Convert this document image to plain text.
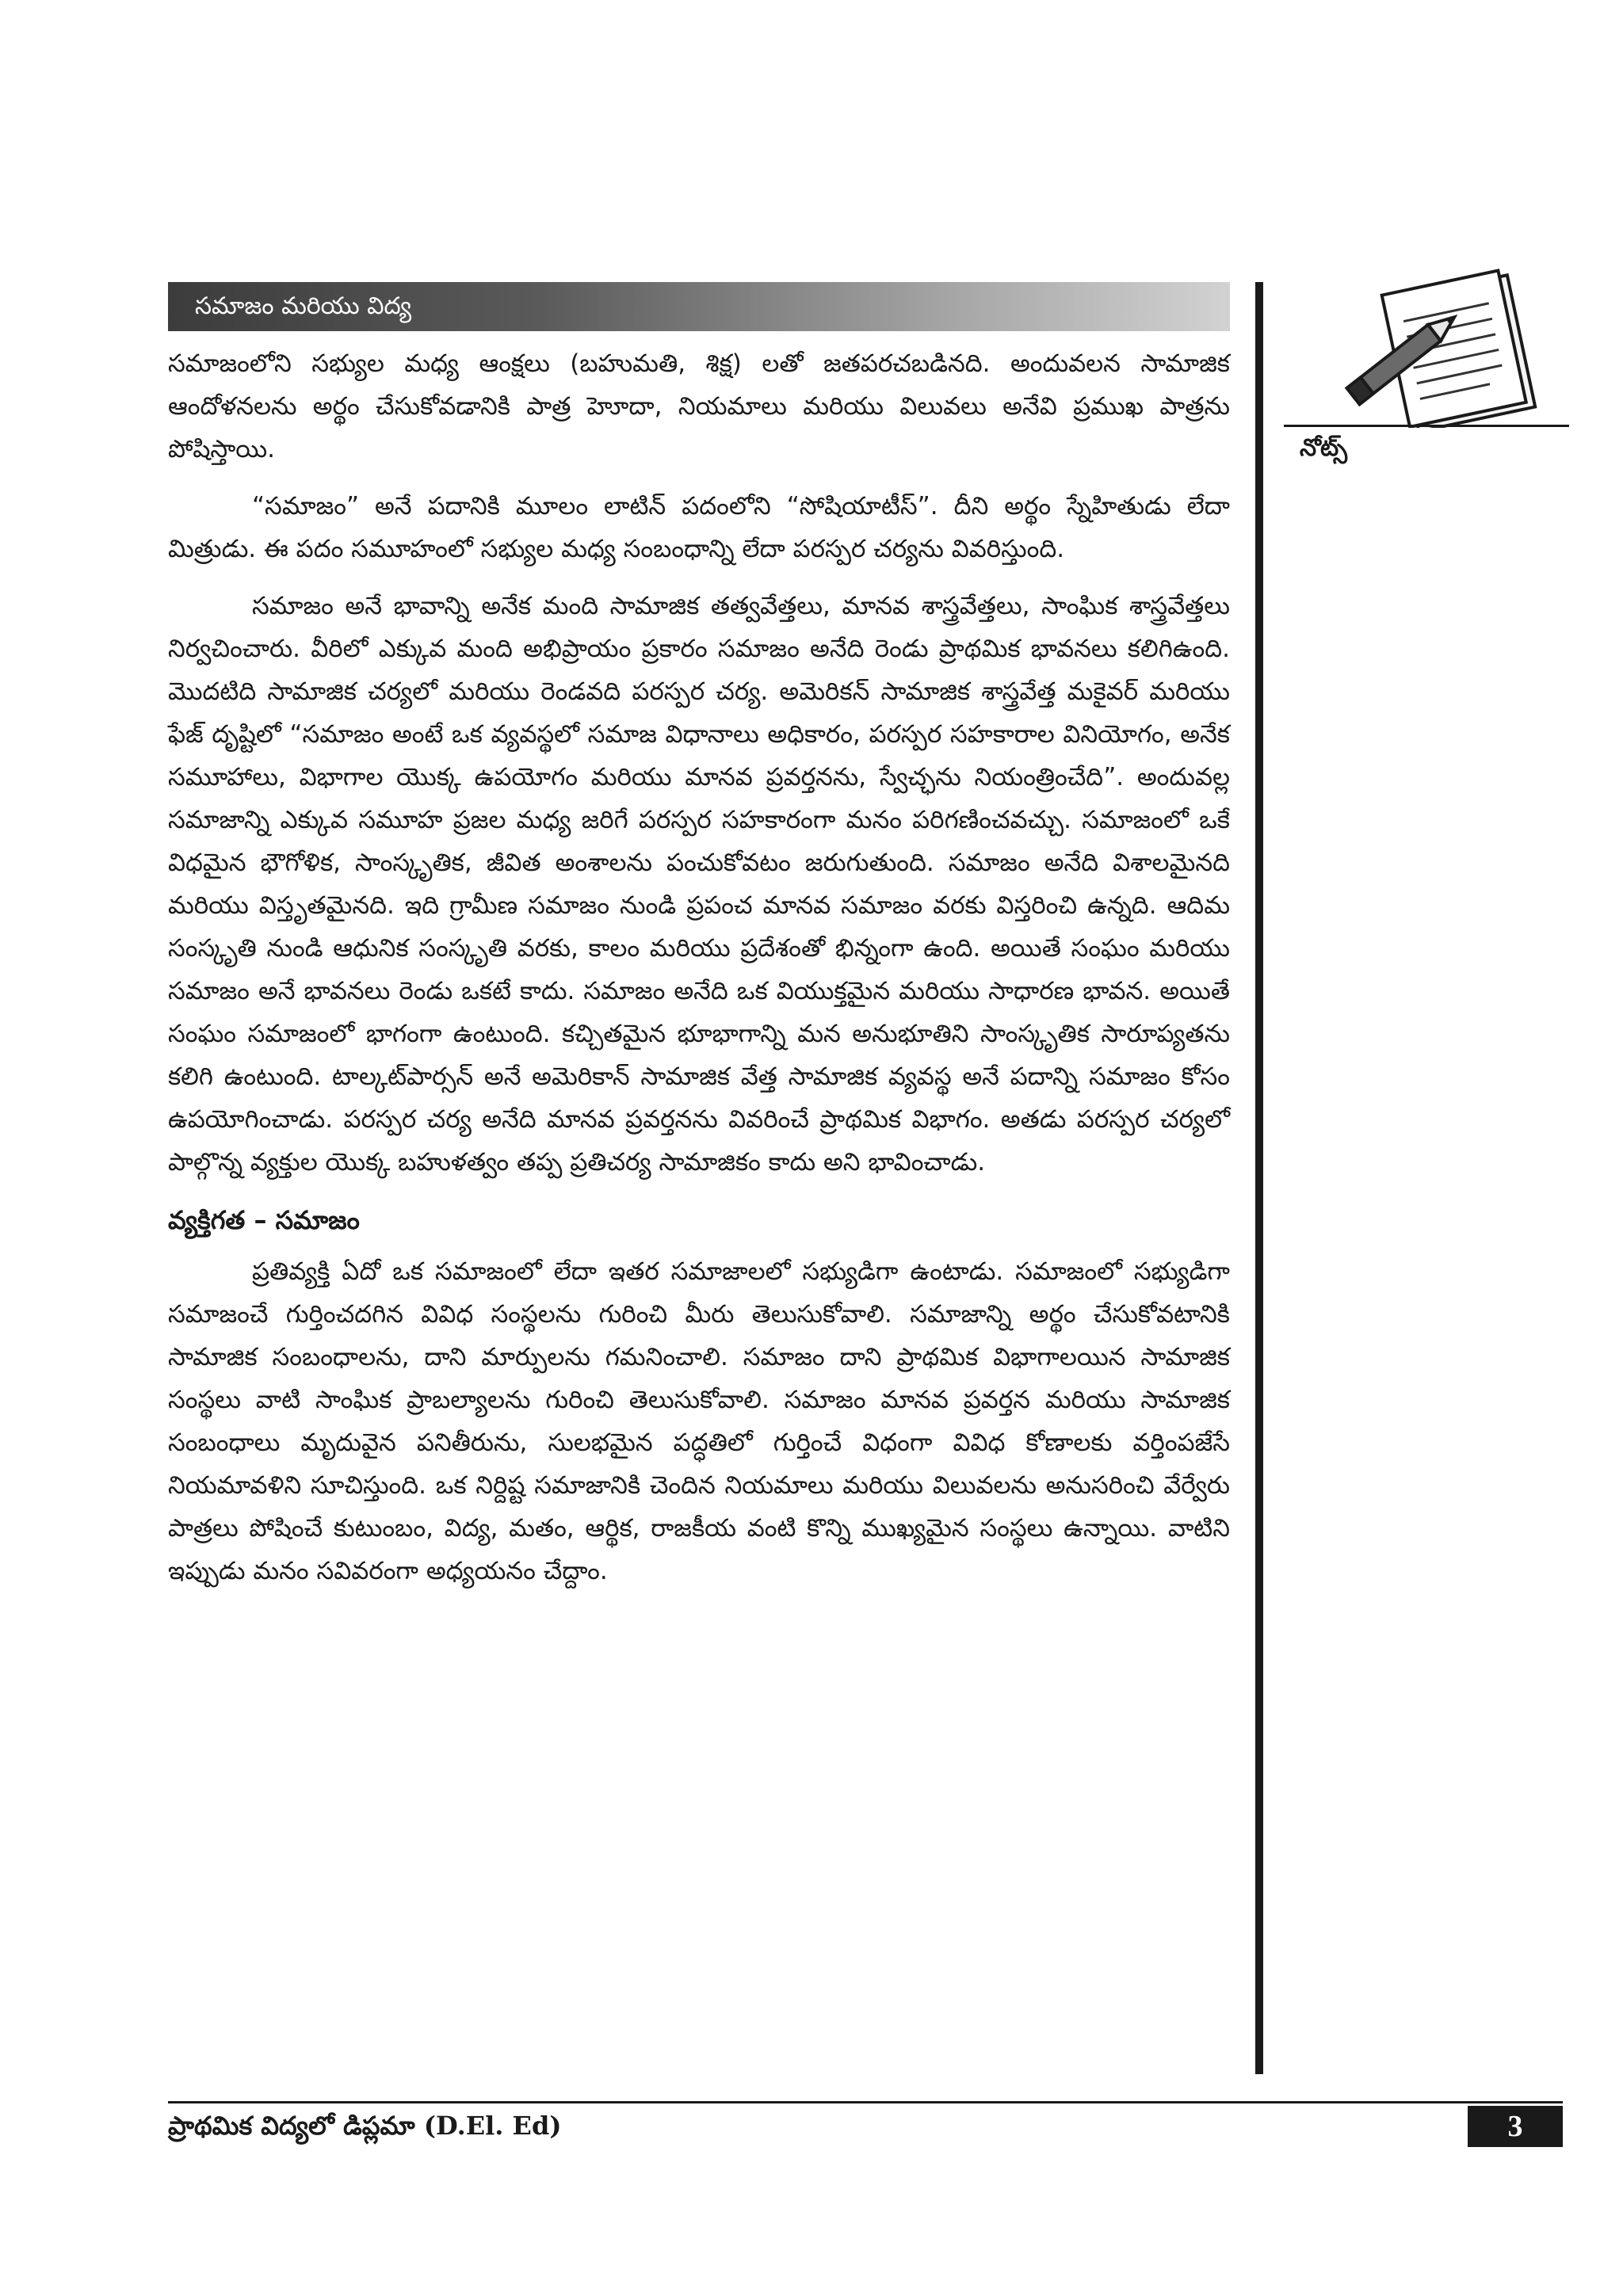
సమాజం మరియు విద్య
నోట్స్

సమాజంలోని సభ్యుల మధ్య ఆంక్షలు (బహుమతి, శిక్ష) లతో జతపరచబడినది. అందువలన సామాజిక ఆందోళనలను అర్థం చేసుకోవడానికి పాత్ర హెూదా, నియమాలు మరియు విలువలు అనేవి ప్రముఖ పాత్రను పోషిస్తాయి.

“సమాజం” అనే పదానికి మూలం లాటిన్ పదంలోని “సోషియాటీస్”. దీని అర్థం స్నేహితుడు లేదా మిత్రుడు. ఈ పదం సమూహంలో సభ్యుల మధ్య సంబంధాన్ని లేదా పరస్పర చర్యను వివరిస్తుంది.

సమాజం అనే భావాన్ని అనేక మంది సామాజిక తత్వవేత్తలు, మానవ శాస్త్రవేత్తలు, సాంఘిక శాస్త్రవేత్తలు నిర్వచించారు. వీరిలో ఎక్కువ మంది అభిప్రాయం ప్రకారం సమాజం అనేది రెండు ప్రాథమిక భావనలు కలిగిఉంది. మొదటిది సామాజిక చర్యలో మరియు రెండవది పరస్పర చర్య. అమెరికన్ సామాజిక శాస్త్రవేత్త మకైవర్ మరియు ఫేజ్ దృష్టిలో “సమాజం అంటే ఒక వ్యవస్థలో సమాజ విధానాలు అధికారం, పరస్పర సహకారాల వినియోగం, అనేక సమూహాలు, విభాగాల యొక్క ఉపయోగం మరియు మానవ ప్రవర్తనను, స్వేచ్ఛను నియంత్రించేది”. అందువల్ల సమాజాన్ని ఎక్కువ సమూహ ప్రజల మధ్య జరిగే పరస్పర సహకారంగా మనం పరిగణించవచ్చు. సమాజంలో ఒకే విధమైన భౌగోళిక, సాంస్కృతిక, జీవిత అంశాలను పంచుకోవటం జరుగుతుంది. సమాజం అనేది విశాలమైనది మరియు విస్తృతమైనది. ఇది గ్రామీణ సమాజం నుండి ప్రపంచ మానవ సమాజం వరకు విస్తరించి ఉన్నది. ఆదిమ సంస్కృతి నుండి ఆధునిక సంస్కృతి వరకు, కాలం మరియు ప్రదేశంతో భిన్నంగా ఉంది. అయితే సంఘం మరియు సమాజం అనే భావనలు రెండు ఒకటే కాదు. సమాజం అనేది ఒక వియుక్తమైన మరియు సాధారణ భావన. అయితే సంఘం సమాజంలో భాగంగా ఉంటుంది. కచ్చితమైన భూభాగాన్ని మన అనుభూతిని సాంస్కృతిక సారూప్యతను కలిగి ఉంటుంది. టాల్కట్‌పార్సన్ అనే అమెరికాన్ సామాజిక వేత్త సామాజిక వ్యవస్థ అనే పదాన్ని సమాజం కోసం ఉపయోగించాడు. పరస్పర చర్య అనేది మానవ ప్రవర్తనను వివరించే ప్రాథమిక విభాగం. అతడు పరస్పర చర్యలో పాల్గొన్న వ్యక్తుల యొక్క బహుళత్వం తప్ప ప్రతిచర్య సామాజికం కాదు అని భావించాడు.

వ్యక్తిగత – సమాజం

ప్రతివ్యక్తి ఏదో ఒక సమాజంలో లేదా ఇతర సమాజాలలో సభ్యుడిగా ఉంటాడు. సమాజంలో సభ్యుడిగా సమాజంచే గుర్తించదగిన వివిధ సంస్థలను గురించి మీరు తెలుసుకోవాలి. సమాజాన్ని అర్థం చేసుకోవటానికి సామాజిక సంబంధాలను, దాని మార్పులను గమనించాలి. సమాజం దాని ప్రాథమిక విభాగాలయిన సామాజిక సంస్థలు వాటి సాంఘిక ప్రాబల్యాలను గురించి తెలుసుకోవాలి. సమాజం మానవ ప్రవర్తన మరియు సామాజిక సంబంధాలు మృదువైన పనితీరును, సులభమైన పద్ధతిలో గుర్తించే విధంగా వివిధ కోణాలకు వర్తింపజేసే నియమావళిని సూచిస్తుంది. ఒక నిర్దిష్ట సమాజానికి చెందిన నియమాలు మరియు విలువలను అనుసరించి వేర్వేరు పాత్రలు పోషించే కుటుంబం, విద్య, మతం, ఆర్థిక, రాజకీయ వంటి కొన్ని ముఖ్యమైన సంస్థలు ఉన్నాయి. వాటిని ఇప్పుడు మనం సవివరంగా అధ్యయనం చేద్దాం.

ప్రాథమిక విద్యలో డిప్లమా (D.El. Ed)	3
